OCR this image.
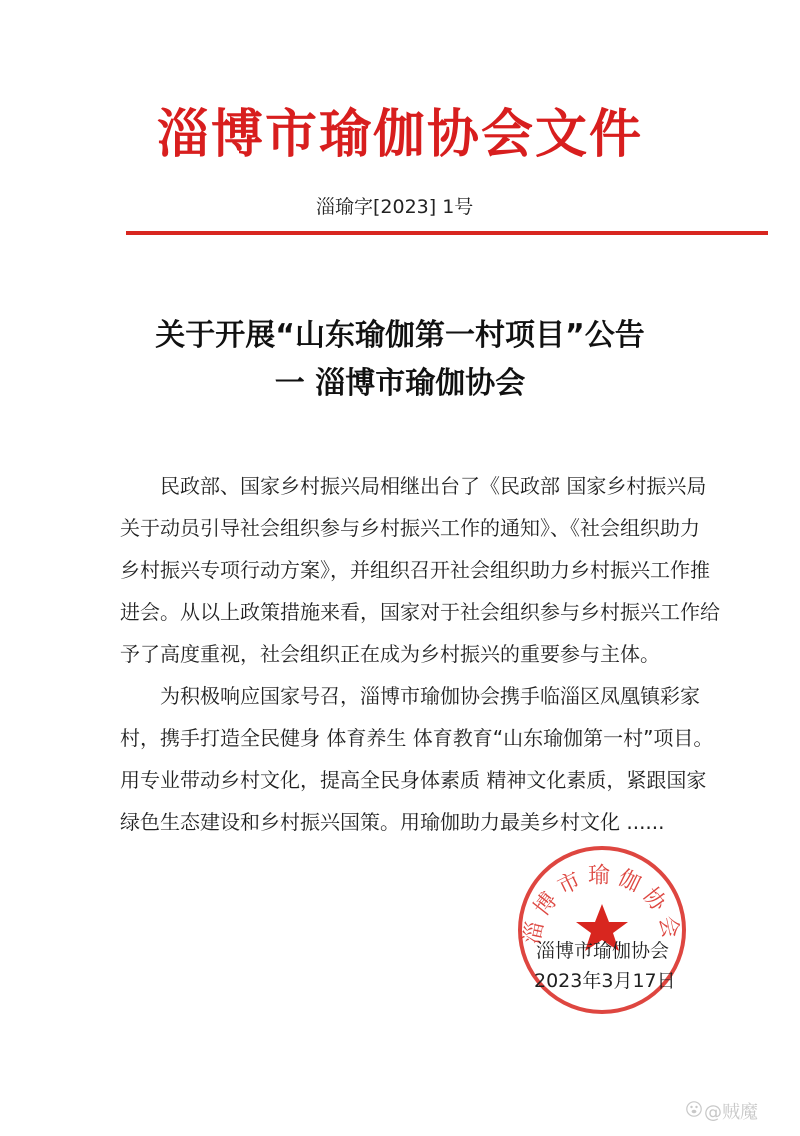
淄博市瑜伽协会文件
淄瑜字[2023] 1号
关于开展“山东瑜伽第一村项目”公告
一 淄博市瑜伽协会
民政部、国家乡村振兴局相继出台了《民政部 国家乡村振兴局
关于动员引导社会组织参与乡村振兴工作的通知》、《社会组织助力
乡村振兴专项行动方案》，并组织召开社会组织助力乡村振兴工作推
进会。从以上政策措施来看，国家对于社会组织参与乡村振兴工作给
予了高度重视，社会组织正在成为乡村振兴的重要参与主体。
为积极响应国家号召，淄博市瑜伽协会携手临淄区凤凰镇彩家
村，携手打造全民健身 体育养生 体育教育“山东瑜伽第一村”项目。
用专业带动乡村文化，提高全民身体素质 精神文化素质，紧跟国家
绿色生态建设和乡村振兴国策。用瑜伽助力最美乡村文化 ......
淄博市瑜伽协会
淄博市瑜伽协会
2023年3月17日
@贼魔
